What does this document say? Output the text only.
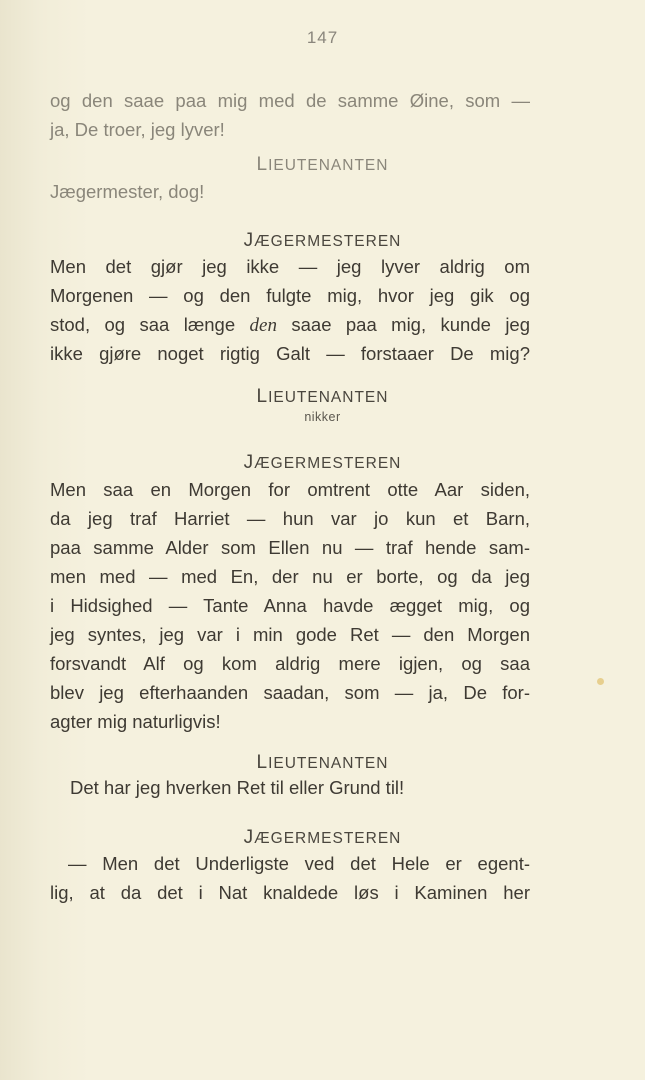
147
og den saae paa mig med de samme Øine, som —
ja, De troer, jeg lyver!
LIEUTENANTEN
Jægermester, dog!
JÆGERMESTEREN
Men det gjør jeg ikke — jeg lyver aldrig om
Morgenen — og den fulgte mig, hvor jeg gik og
stod, og saa længe den saae paa mig, kunde jeg
ikke gjøre noget rigtig Galt — forstaaer De mig?
LIEUTENANTEN
nikker
JÆGERMESTEREN
Men saa en Morgen for omtrent otte Aar siden,
da jeg traf Harriet — hun var jo kun et Barn,
paa samme Alder som Ellen nu — traf hende sam-
men med — med En, der nu er borte, og da jeg
i Hidsighed — Tante Anna havde ægget mig, og
jeg syntes, jeg var i min gode Ret — den Morgen
forsvandt Alf og kom aldrig mere igjen, og saa
blev jeg efterhaanden saadan, som — ja, De for-
agter mig naturligvis!
LIEUTENANTEN
Det har jeg hverken Ret til eller Grund til!
JÆGERMESTEREN
— Men det Underligste ved det Hele er egent-
lig, at da det i Nat knaldede løs i Kaminen her
